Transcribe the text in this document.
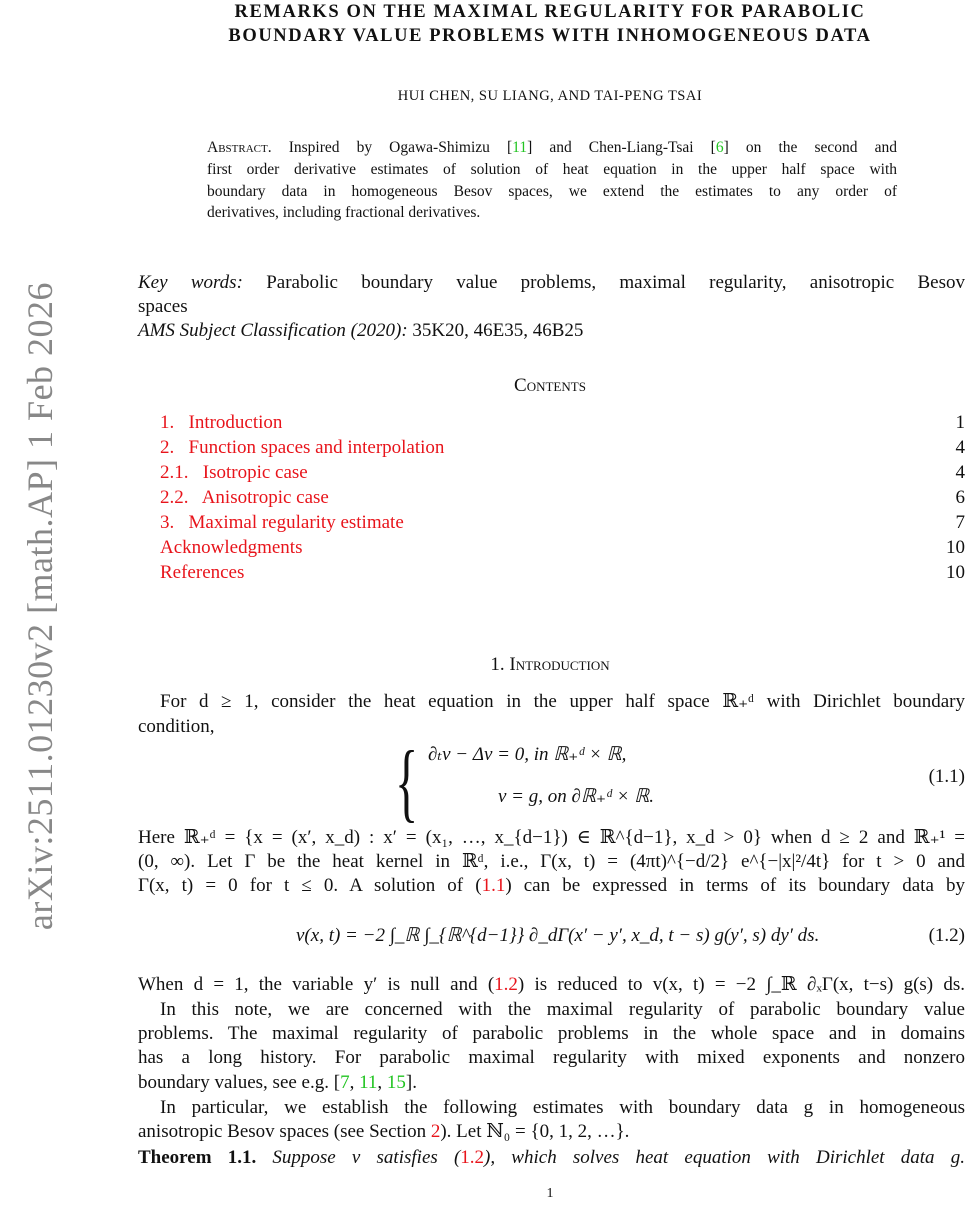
arXiv:2511.01230v2 [math.AP] 1 Feb 2026
REMARKS ON THE MAXIMAL REGULARITY FOR PARABOLIC
BOUNDARY VALUE PROBLEMS WITH INHOMOGENEOUS DATA
HUI CHEN, SU LIANG, AND TAI-PENG TSAI
Abstract. Inspired by Ogawa-Shimizu [11] and Chen-Liang-Tsai [6] on the second and
first order derivative estimates of solution of heat equation in the upper half space with
boundary data in homogeneous Besov spaces, we extend the estimates to any order of
derivatives, including fractional derivatives.
Key words: Parabolic boundary value problems, maximal regularity, anisotropic Besov
spaces
AMS Subject Classification (2020): 35K20, 46E35, 46B25
Contents
1.   Introduction	1
2.   Function spaces and interpolation	4
2.1.   Isotropic case	4
2.2.   Anisotropic case	6
3.   Maximal regularity estimate	7
Acknowledgments	10
References	10
1. Introduction
For d ≥ 1, consider the heat equation in the upper half space ℝ₊ᵈ with Dirichlet boundary
condition,
{ ∂ₜv − Δv = 0, in ℝ₊ᵈ × ℝ,
v = g, on ∂ℝ₊ᵈ × ℝ.
(1.1)
Here ℝ₊ᵈ = {x = (x′, x_d) : x′ = (x₁, …, x_{d−1}) ∈ ℝ^{d−1}, x_d > 0} when d ≥ 2 and ℝ₊¹ =
(0, ∞). Let Γ be the heat kernel in ℝᵈ, i.e., Γ(x, t) = (4πt)^{−d/2} e^{−|x|²/4t} for t > 0 and
Γ(x, t) = 0 for t ≤ 0. A solution of (1.1) can be expressed in terms of its boundary data by
v(x, t) = −2 ∫_ℝ ∫_{ℝ^{d−1}} ∂_dΓ(x′ − y′, x_d, t − s) g(y′, s) dy′ ds.	(1.2)
When d = 1, the variable y′ is null and (1.2) is reduced to v(x, t) = −2 ∫_ℝ ∂ₓΓ(x, t−s) g(s) ds.
In this note, we are concerned with the maximal regularity of parabolic boundary value
problems. The maximal regularity of parabolic problems in the whole space and in domains
has a long history. For parabolic maximal regularity with mixed exponents and nonzero
boundary values, see e.g. [7, 11, 15].
In particular, we establish the following estimates with boundary data g in homogeneous
anisotropic Besov spaces (see Section 2). Let ℕ₀ = {0, 1, 2, …}.
Theorem 1.1. Suppose v satisfies (1.2), which solves heat equation with Dirichlet data g.
1
